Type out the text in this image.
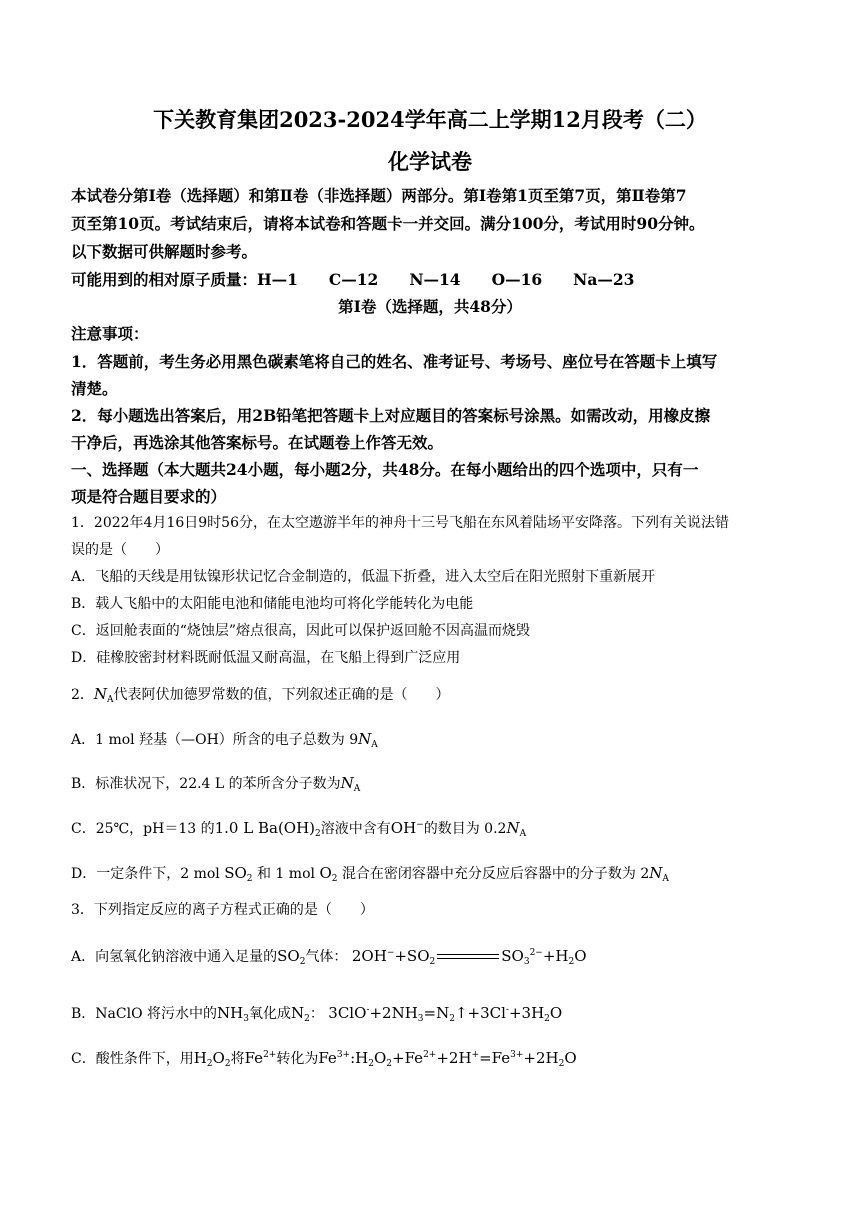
下关教育集团2023-2024学年高二上学期12月段考（二）
化学试卷
本试卷分第Ⅰ卷（选择题）和第Ⅱ卷（非选择题）两部分。第Ⅰ卷第1页至第7页，第Ⅱ卷第7
页至第10页。考试结束后，请将本试卷和答题卡一并交回。满分100分，考试用时90分钟。
以下数据可供解题时参考。
可能用到的相对原子质量：H—1　　C—12　　N—14　　O—16　　Na—23
第Ⅰ卷（选择题，共48分）
注意事项：
1．答题前，考生务必用黑色碳素笔将自己的姓名、准考证号、考场号、座位号在答题卡上填写
清楚。
2．每小题选出答案后，用2B铅笔把答题卡上对应题目的答案标号涂黑。如需改动，用橡皮擦
干净后，再选涂其他答案标号。在试题卷上作答无效。
一、选择题（本大题共24小题，每小题2分，共48分。在每小题给出的四个选项中，只有一
项是符合题目要求的）
1．2022年4月16日9时56分，在太空遨游半年的神舟十三号飞船在东风着陆场平安降落。下列有关说法错
误的是（　　）
A．飞船的天线是用钛镍形状记忆合金制造的，低温下折叠，进入太空后在阳光照射下重新展开
B．载人飞船中的太阳能电池和储能电池均可将化学能转化为电能
C．返回舱表面的“烧蚀层”熔点很高，因此可以保护返回舱不因高温而烧毁
D．硅橡胶密封材料既耐低温又耐高温，在飞船上得到广泛应用
2．$N_A$代表阿伏加德罗常数的值，下列叙述正确的是（　　）
A．1 mol 羟基（—OH）所含的电子总数为 $9N_A$
B．标准状况下，22.4 L 的苯所含分子数为$N_A$
C．25℃，pH＝13 的1.0 L $Ba(OH)_2$溶液中含有OH−的数目为 $0.2N_A$
D．一定条件下，2 mol $SO_2$ 和 1 mol $O_2$ 混合在密闭容器中充分反应后容器中的分子数为 $2N_A$
3．下列指定反应的离子方程式正确的是（　　）
A．向氢氧化钠溶液中通入足量的$SO_2$气体： $2OH^-+SO_2$	$SO_3^{2-}+H_2O$
B．NaClO 将污水中的$NH_3$氧化成$N_2$： $3ClO^-+2NH_3=N_2↑+3Cl^-+3H_2O$
C．酸性条件下，用$H_2O_2$将$Fe^{2+}$转化为$Fe^{3+}:H_2O_2+Fe^{2+}+2H^+=Fe^{3+}+2H_2O$
